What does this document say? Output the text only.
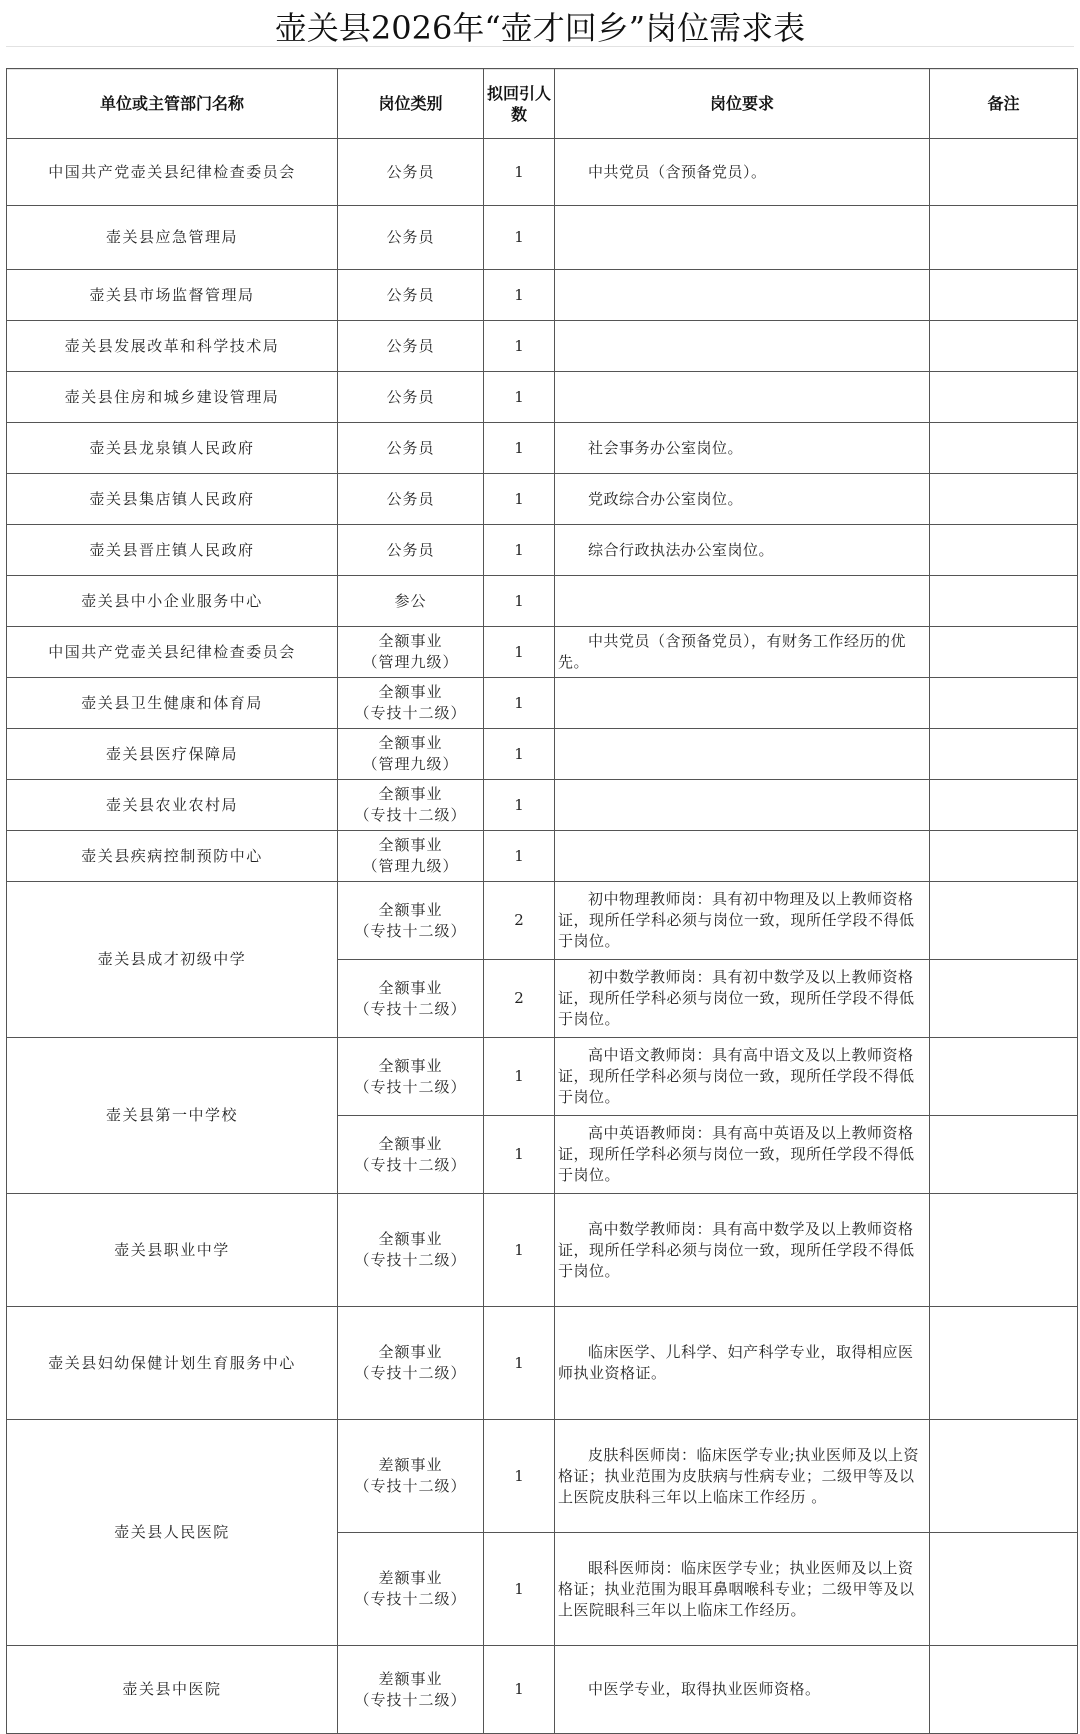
壶关县2026年“壶才回乡”岗位需求表
单位或主管部门名称	岗位类别	拟回引人数	岗位要求	备注
中国共产党壶关县纪律检查委员会	公务员	1	中共党员（含预备党员）。	

壶关县应急管理局	公务员	1	

壶关县市场监督管理局	公务员	1	

壶关县发展改革和科学技术局	公务员	1	

壶关县住房和城乡建设管理局	公务员	1	

壶关县龙泉镇人民政府	公务员	1	社会事务办公室岗位。	

壶关县集店镇人民政府	公务员	1	党政综合办公室岗位。	

壶关县晋庄镇人民政府	公务员	1	综合行政执法办公室岗位。	

壶关县中小企业服务中心	参公	1	

中国共产党壶关县纪律检查委员会	全额事业
（管理九级）	1	中共党员（含预备党员），有财务工作经历的优先。	

壶关县卫生健康和体育局	全额事业
（专技十二级）	1	

壶关县医疗保障局	全额事业
（管理九级）	1	

壶关县农业农村局	全额事业
（专技十二级）	1	

壶关县疾病控制预防中心	全额事业
（管理九级）	1	

壶关县成才初级中学	全额事业
（专技十二级）	2	初中物理教师岗：具有初中物理及以上教师资格证，现所任学科必须与岗位一致，现所任学段不得低于岗位。	

	全额事业
（专技十二级）	2	初中数学教师岗：具有初中数学及以上教师资格证，现所任学科必须与岗位一致，现所任学段不得低于岗位。	

壶关县第一中学校	全额事业
（专技十二级）	1	高中语文教师岗：具有高中语文及以上教师资格证，现所任学科必须与岗位一致，现所任学段不得低于岗位。	

	全额事业
（专技十二级）	1	高中英语教师岗：具有高中英语及以上教师资格证，现所任学科必须与岗位一致，现所任学段不得低于岗位。	

壶关县职业中学	全额事业
（专技十二级）	1	高中数学教师岗：具有高中数学及以上教师资格证，现所任学科必须与岗位一致，现所任学段不得低于岗位。	

壶关县妇幼保健计划生育服务中心	全额事业
（专技十二级）	1	临床医学、儿科学、妇产科学专业，取得相应医师执业资格证。	

壶关县人民医院	差额事业
（专技十二级）	1	皮肤科医师岗：临床医学专业;执业医师及以上资格证；执业范围为皮肤病与性病专业；二级甲等及以上医院皮肤科三年以上临床工作经历 。	

	差额事业
（专技十二级）	1	眼科医师岗：临床医学专业；执业医师及以上资格证；执业范围为眼耳鼻咽喉科专业；二级甲等及以上医院眼科三年以上临床工作经历。	

壶关县中医院	差额事业
（专技十二级）	1	中医学专业，取得执业医师资格。	
